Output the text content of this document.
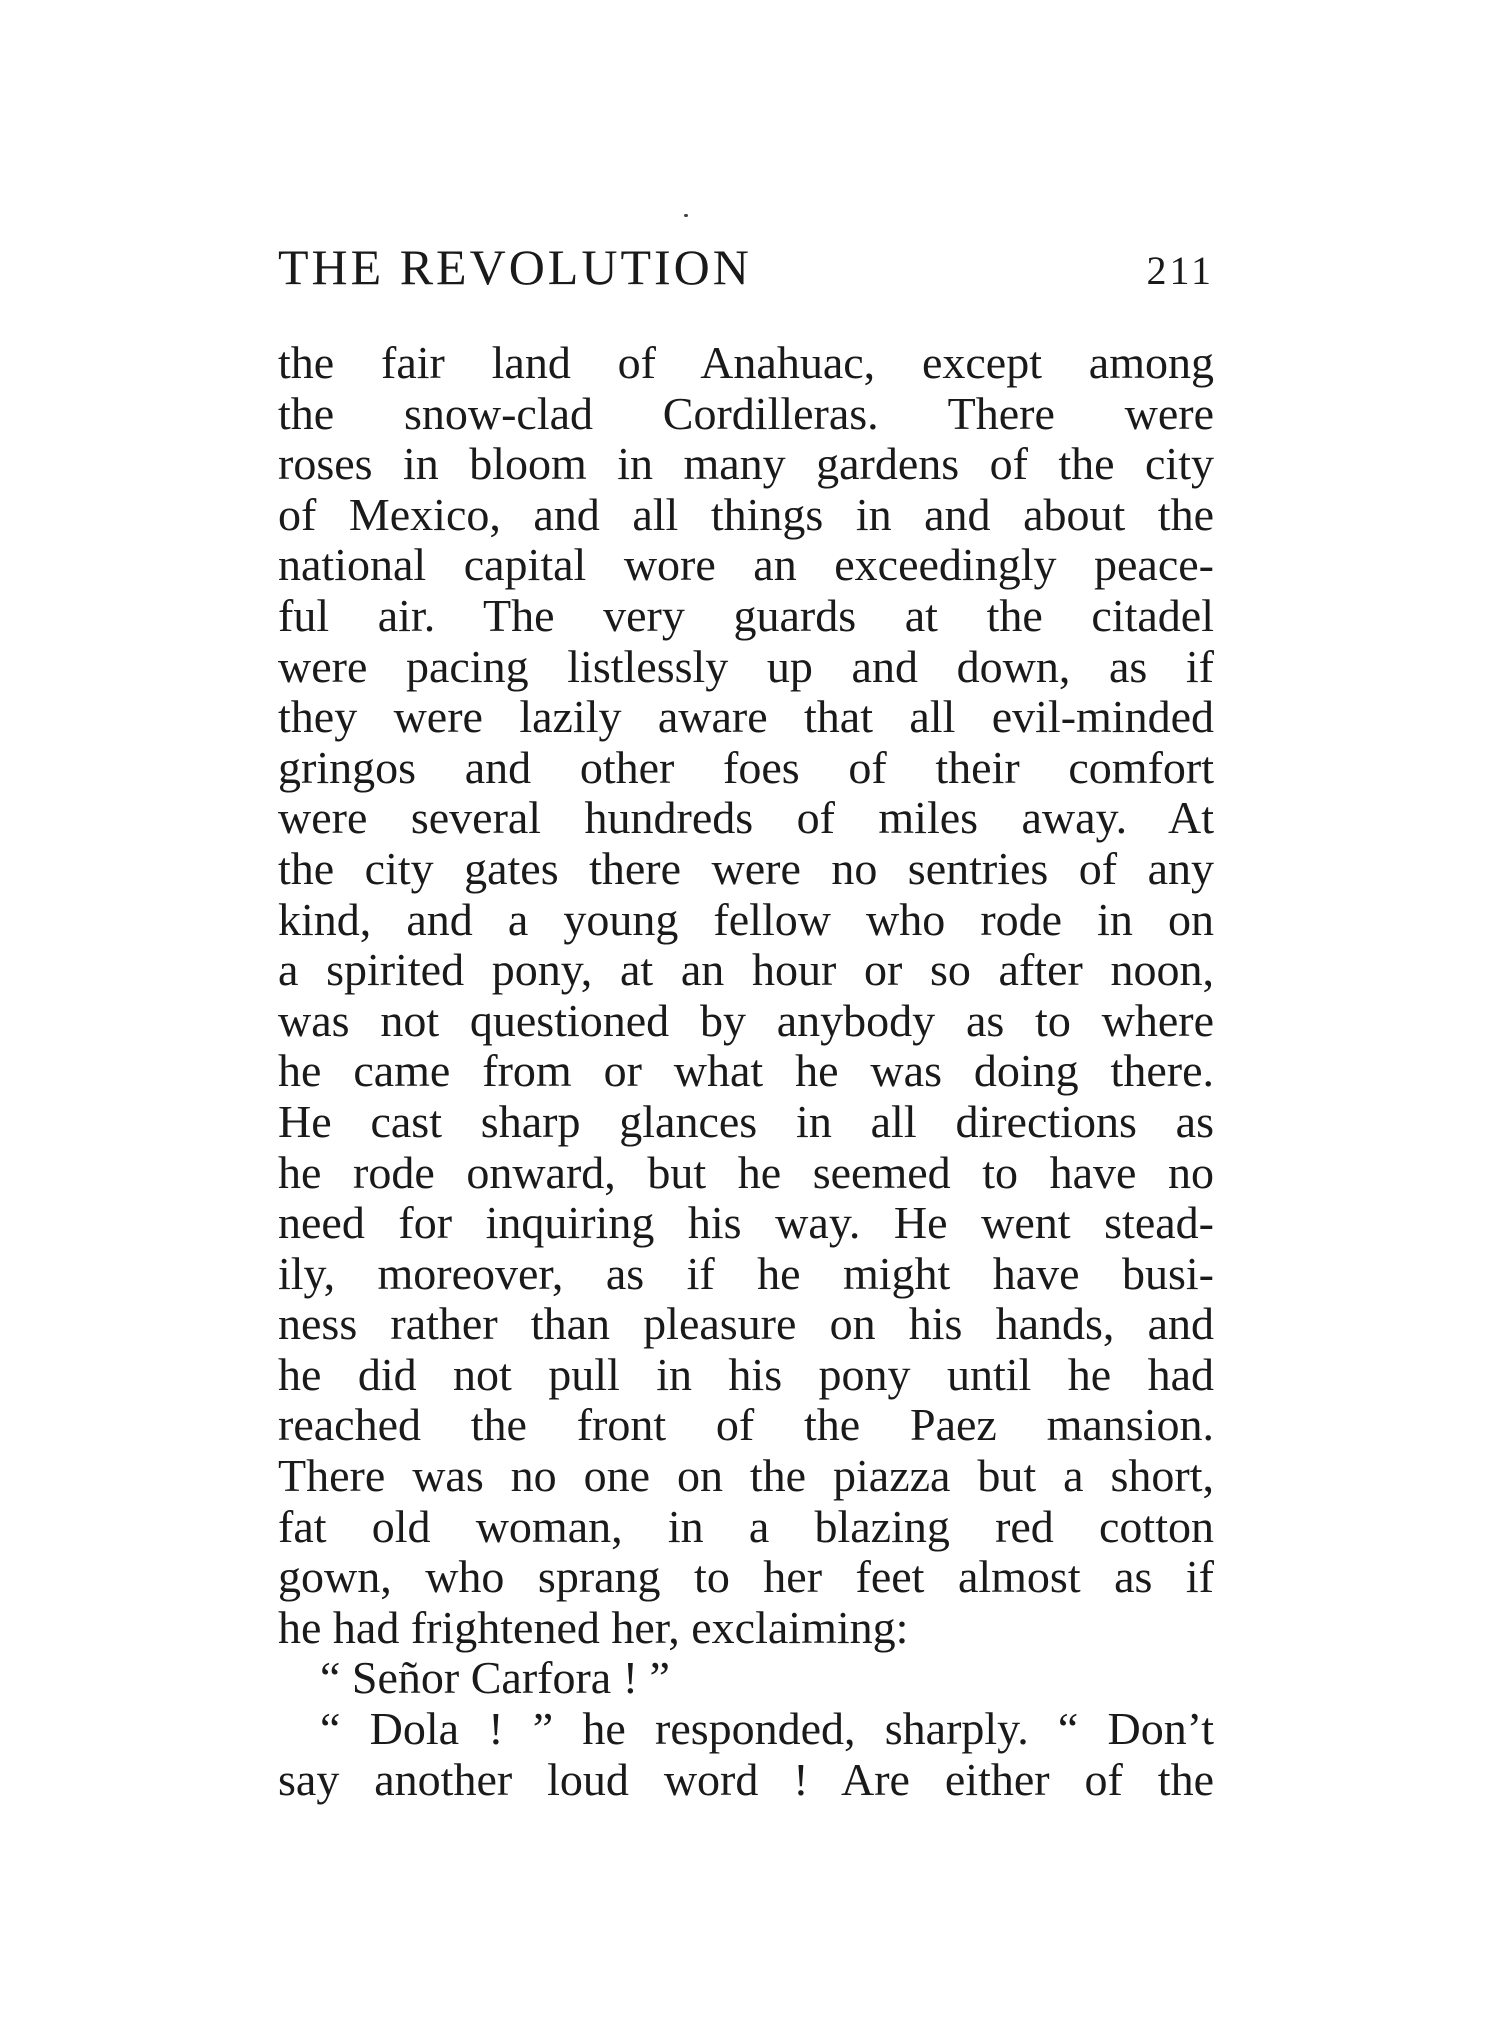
THE REVOLUTION	211
the fair land of Anahuac, except among
the snow-clad Cordilleras. There were
roses in bloom in many gardens of the city
of Mexico, and all things in and about the
national capital wore an exceedingly peace-
ful air. The very guards at the citadel
were pacing listlessly up and down, as if
they were lazily aware that all evil-minded
gringos and other foes of their comfort
were several hundreds of miles away. At
the city gates there were no sentries of any
kind, and a young fellow who rode in on
a spirited pony, at an hour or so after noon,
was not questioned by anybody as to where
he came from or what he was doing there.
He cast sharp glances in all directions as
he rode onward, but he seemed to have no
need for inquiring his way. He went stead-
ily, moreover, as if he might have busi-
ness rather than pleasure on his hands, and
he did not pull in his pony until he had
reached the front of the Paez mansion.
There was no one on the piazza but a short,
fat old woman, in a blazing red cotton
gown, who sprang to her feet almost as if
he had frightened her, exclaiming:
“ Señor Carfora ! ”
“ Dola ! ” he responded, sharply. “ Don’t
say another loud word ! Are either of the
